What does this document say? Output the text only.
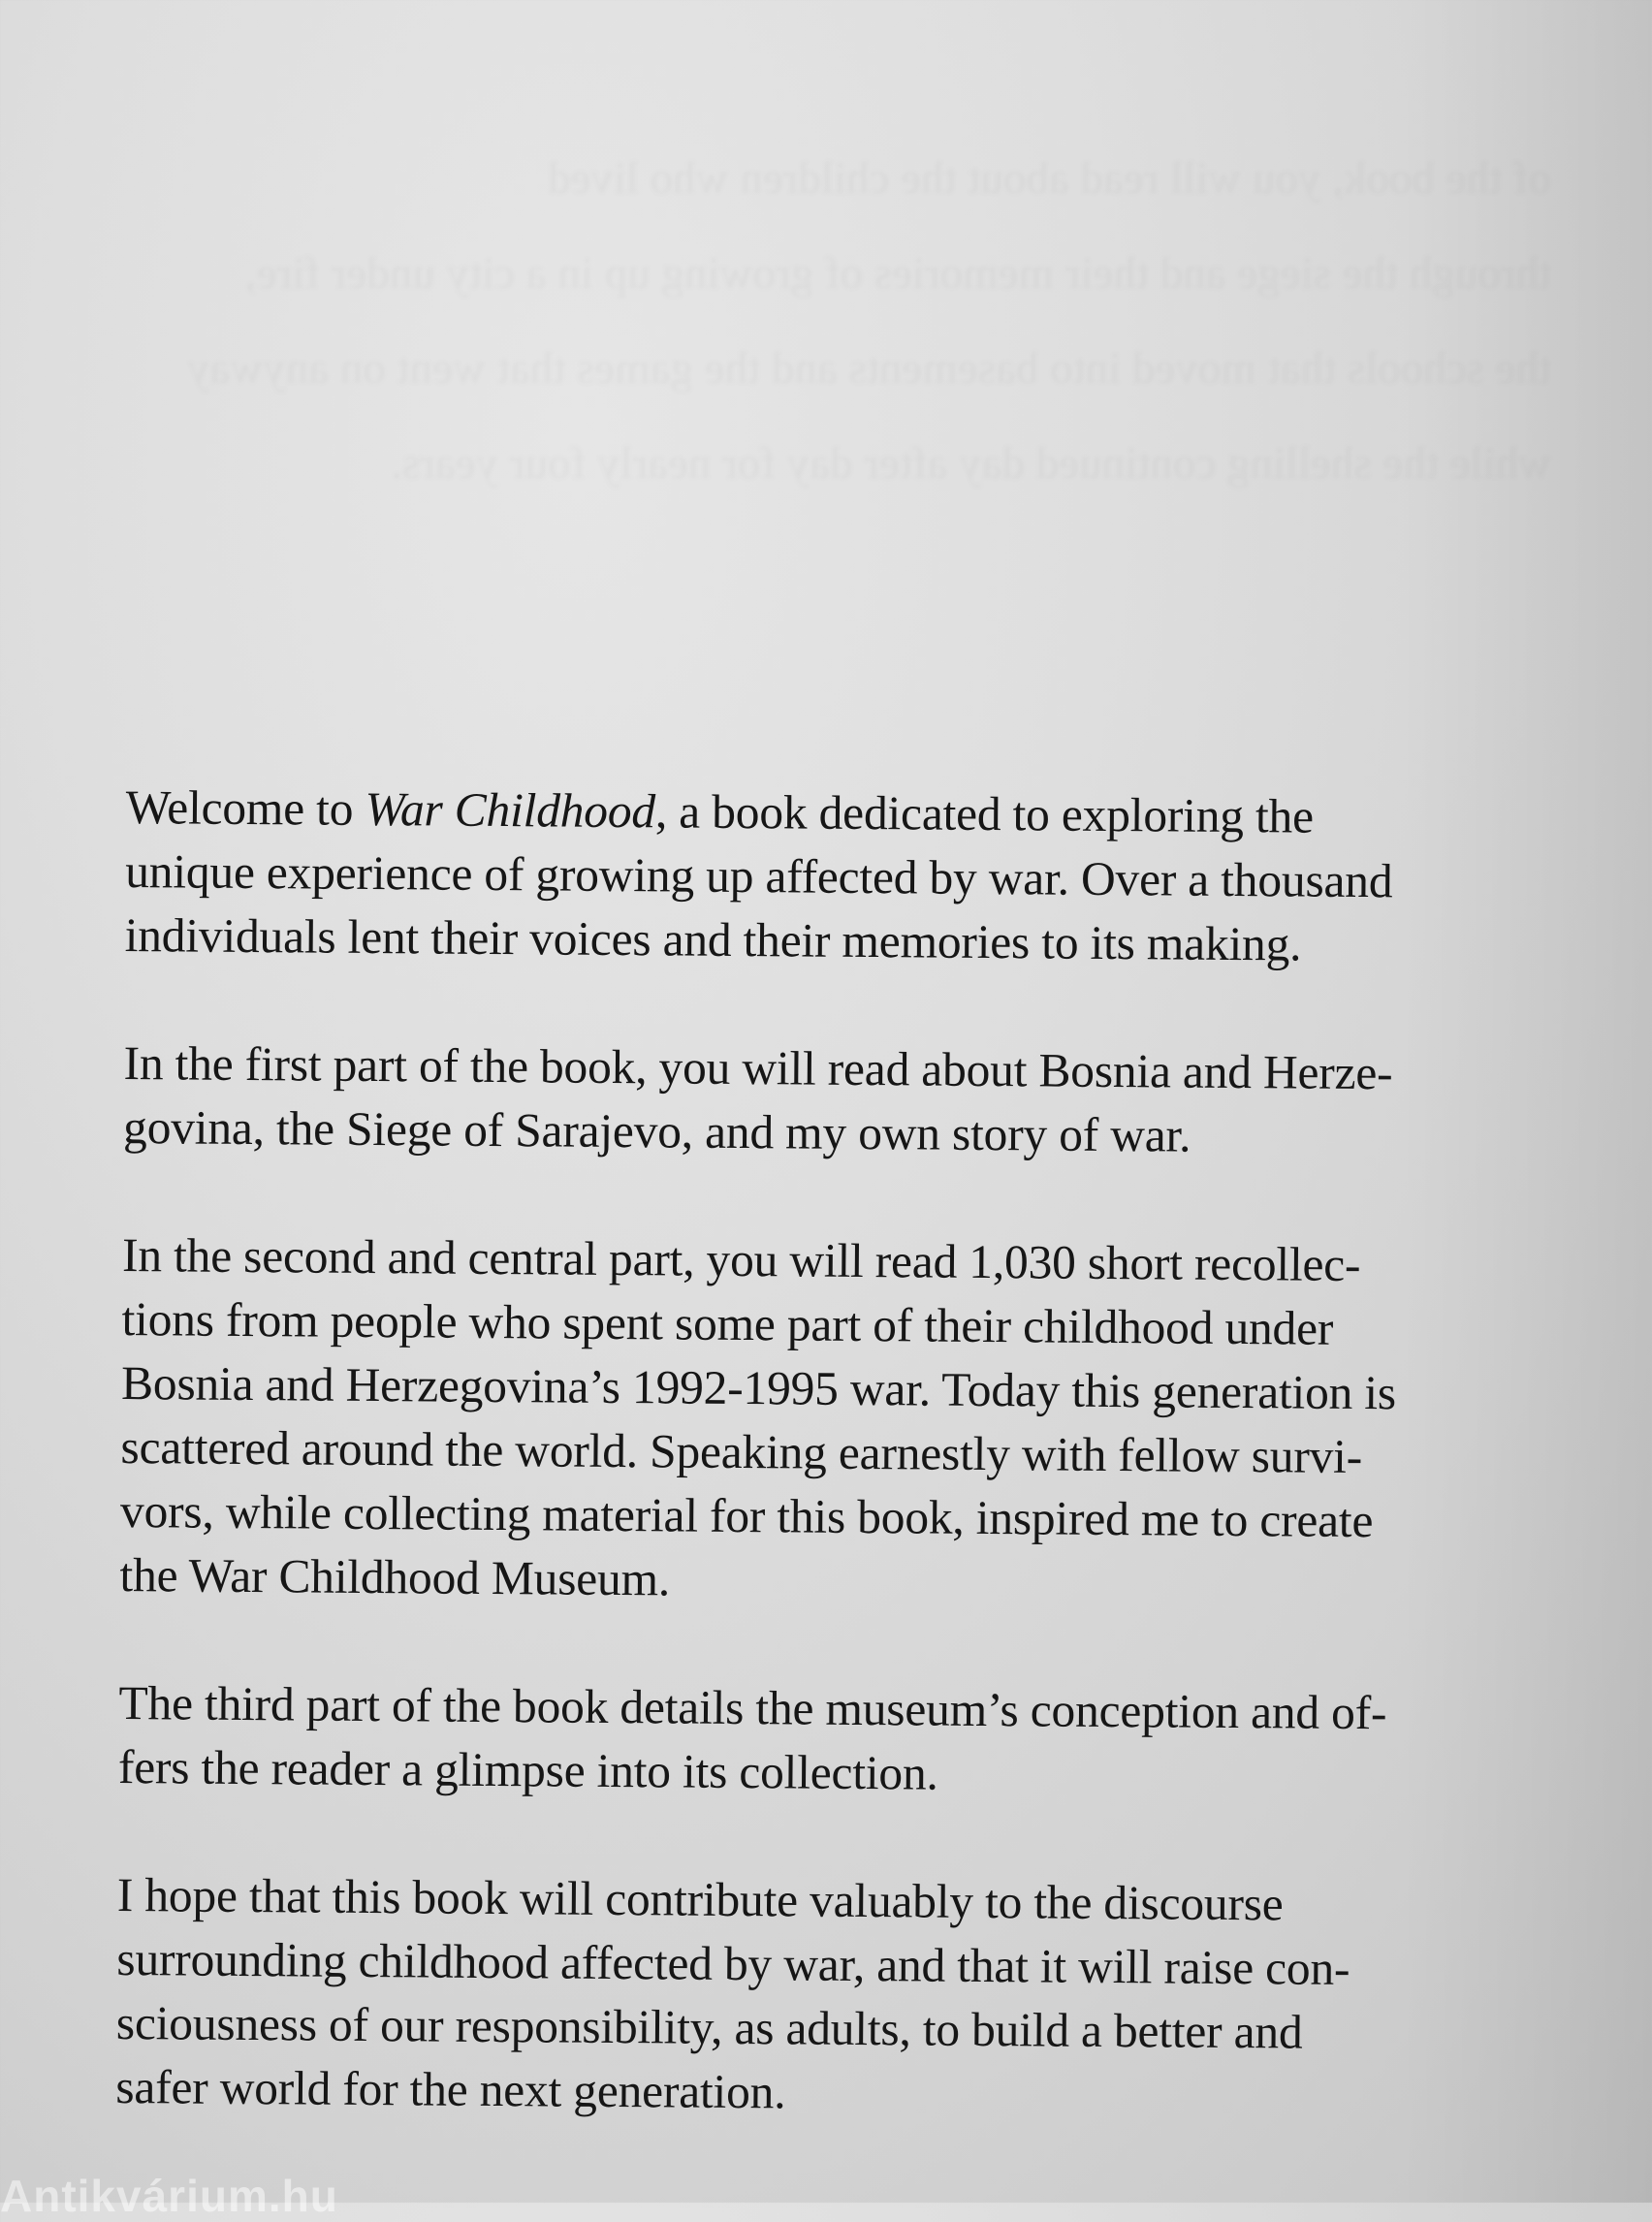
Welcome to War Childhood, a book dedicated to exploring the
unique experience of growing up affected by war. Over a thousand
individuals lent their voices and their memories to its making.

In the first part of the book, you will read about Bosnia and Herze-
govina, the Siege of Sarajevo, and my own story of war.

In the second and central part, you will read 1,030 short recollec-
tions from people who spent some part of their childhood under
Bosnia and Herzegovina’s 1992-1995 war. Today this generation is
scattered around the world. Speaking earnestly with fellow survi-
vors, while collecting material for this book, inspired me to create
the War Childhood Museum.

The third part of the book details the museum’s conception and of-
fers the reader a glimpse into its collection.

I hope that this book will contribute valuably to the discourse
surrounding childhood affected by war, and that it will raise con-
sciousness of our responsibility, as adults, to build a better and
safer world for the next generation.

Antikvárium.hu
